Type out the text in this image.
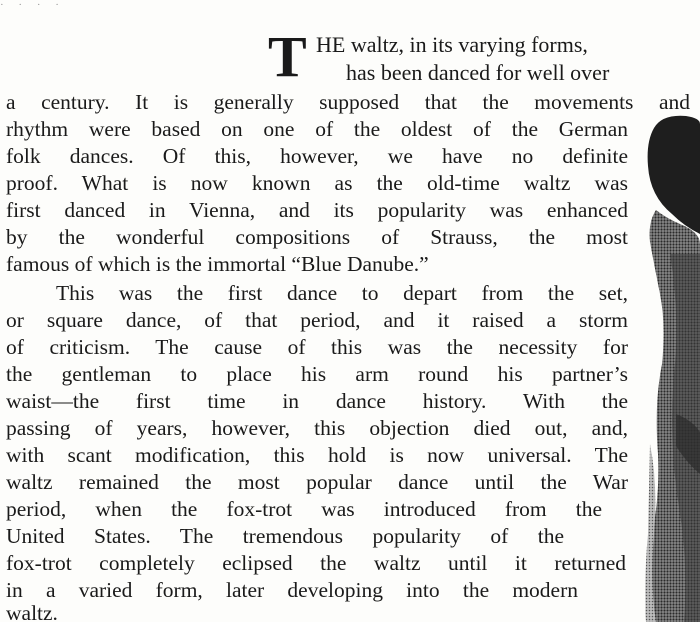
· · · ·
T HE waltz, in its varying forms,
has been danced for well over
a century. It is generally supposed that the movements and
rhythm were based on one of the oldest of the German
folk dances. Of this, however, we have no definite
proof. What is now known as the old-time waltz was
first danced in Vienna, and its popularity was enhanced
by the wonderful compositions of Strauss, the most
famous of which is the immortal “Blue Danube.”
This was the first dance to depart from the set,
or square dance, of that period, and it raised a storm
of criticism. The cause of this was the necessity for
the gentleman to place his arm round his partner’s
waist—the first time in dance history. With the
passing of years, however, this objection died out, and,
with scant modification, this hold is now universal. The
waltz remained the most popular dance until the War
period, when the fox-trot was introduced from the
United States. The tremendous popularity of the
fox-trot completely eclipsed the waltz until it returned
in a varied form, later developing into the modern
waltz.
